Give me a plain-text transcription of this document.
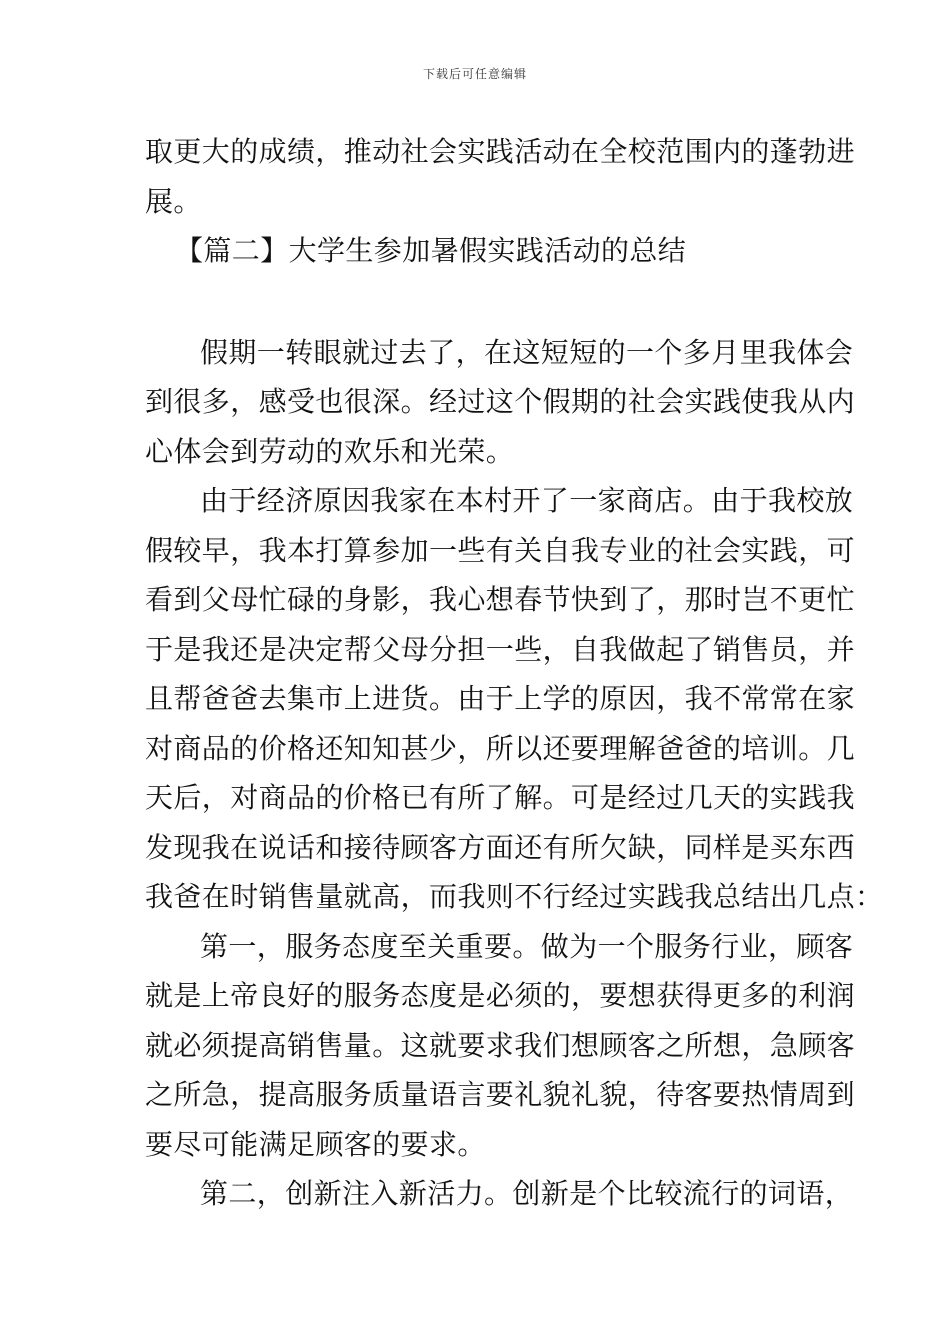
下载后可任意编辑
取更大的成绩，推动社会实践活动在全校范围内的蓬勃进
展。
【篇二】大学生参加暑假实践活动的总结
假期一转眼就过去了，在这短短的一个多月里我体会
到很多，感受也很深。经过这个假期的社会实践使我从内
心体会到劳动的欢乐和光荣。
由于经济原因我家在本村开了一家商店。由于我校放
假较早，我本打算参加一些有关自我专业的社会实践，可
看到父母忙碌的身影，我心想春节快到了，那时岂不更忙
于是我还是决定帮父母分担一些，自我做起了销售员，并
且帮爸爸去集市上进货。由于上学的原因，我不常常在家
对商品的价格还知知甚少，所以还要理解爸爸的培训。几
天后，对商品的价格已有所了解。可是经过几天的实践我
发现我在说话和接待顾客方面还有所欠缺，同样是买东西
我爸在时销售量就高，而我则不行经过实践我总结出几点：
第一，服务态度至关重要。做为一个服务行业，顾客
就是上帝良好的服务态度是必须的，要想获得更多的利润
就必须提高销售量。这就要求我们想顾客之所想，急顾客
之所急，提高服务质量语言要礼貌礼貌，待客要热情周到
要尽可能满足顾客的要求。
第二，创新注入新活力。创新是个比较流行的词语，
